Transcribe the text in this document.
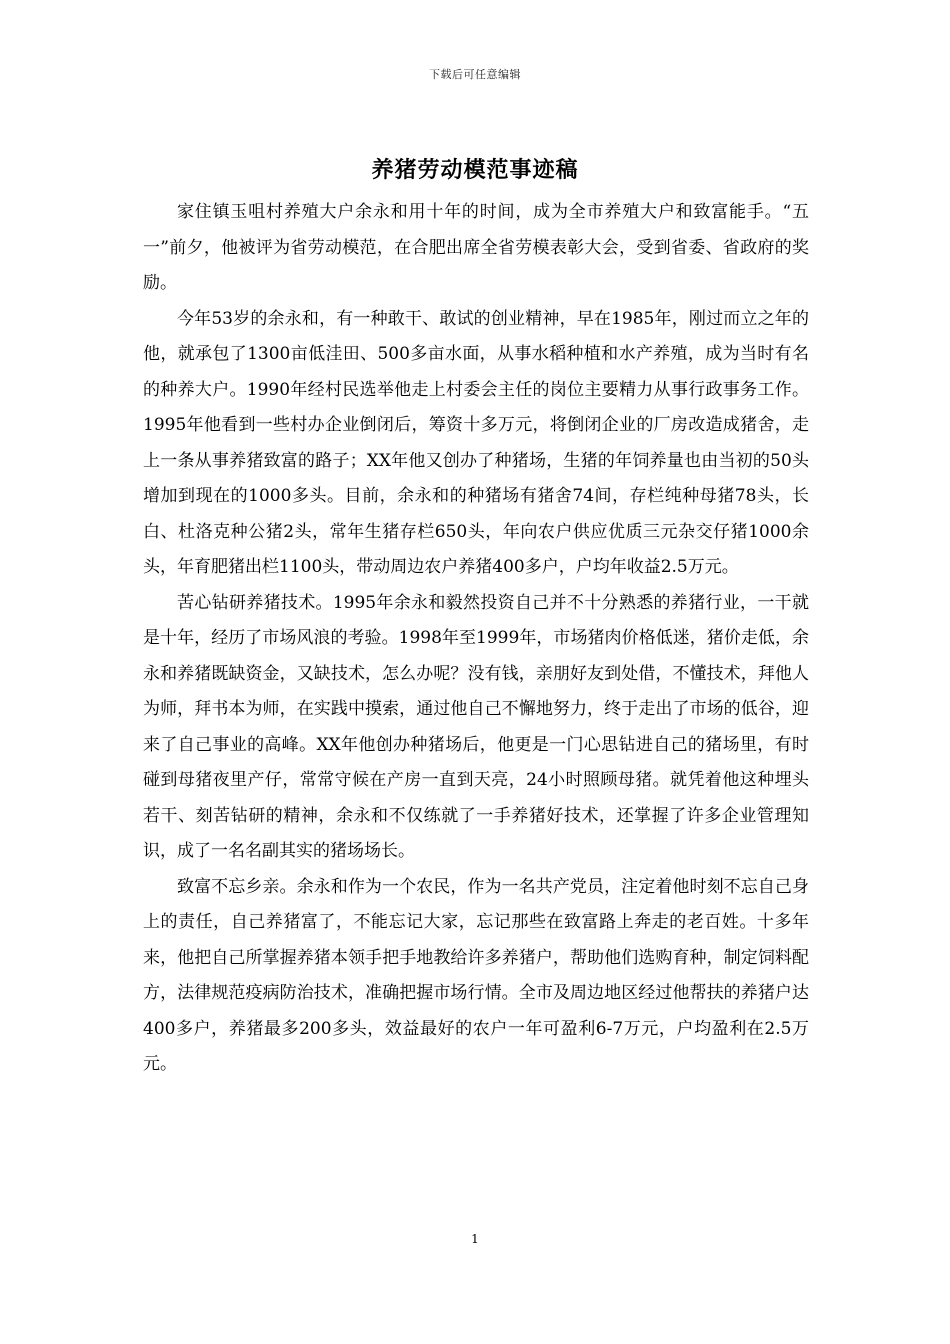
下载后可任意编辑
养猪劳动模范事迹稿

家住镇玉咀村养殖大户余永和用十年的时间，成为全市养殖大户和致富能手。“五一”前夕，他被评为省劳动模范，在合肥出席全省劳模表彰大会，受到省委、省政府的奖励。

今年53岁的余永和，有一种敢干、敢试的创业精神，早在1985年，刚过而立之年的他，就承包了1300亩低洼田、500多亩水面，从事水稻种植和水产养殖，成为当时有名的种养大户。1990年经村民选举他走上村委会主任的岗位主要精力从事行政事务工作。1995年他看到一些村办企业倒闭后，筹资十多万元，将倒闭企业的厂房改造成猪舍，走上一条从事养猪致富的路子；XX年他又创办了种猪场，生猪的年饲养量也由当初的50头增加到现在的1000多头。目前，余永和的种猪场有猪舍74间，存栏纯种母猪78头，长白、杜洛克种公猪2头，常年生猪存栏650头，年向农户供应优质三元杂交仔猪1000余头，年育肥猪出栏1100头，带动周边农户养猪400多户，户均年收益2.5万元。

苦心钻研养猪技术。1995年余永和毅然投资自己并不十分熟悉的养猪行业，一干就是十年，经历了市场风浪的考验。1998年至1999年，市场猪肉价格低迷，猪价走低，余永和养猪既缺资金，又缺技术，怎么办呢？没有钱，亲朋好友到处借，不懂技术，拜他人为师，拜书本为师，在实践中摸索，通过他自己不懈地努力，终于走出了市场的低谷，迎来了自己事业的高峰。XX年他创办种猪场后，他更是一门心思钻进自己的猪场里，有时碰到母猪夜里产仔，常常守候在产房一直到天亮，24小时照顾母猪。就凭着他这种埋头若干、刻苦钻研的精神，余永和不仅练就了一手养猪好技术，还掌握了许多企业管理知识，成了一名名副其实的猪场场长。

致富不忘乡亲。余永和作为一个农民，作为一名共产党员，注定着他时刻不忘自己身上的责任，自己养猪富了，不能忘记大家，忘记那些在致富路上奔走的老百姓。十多年来，他把自己所掌握养猪本领手把手地教给许多养猪户，帮助他们选购育种，制定饲料配方，法律规范疫病防治技术，准确把握市场行情。全市及周边地区经过他帮扶的养猪户达400多户，养猪最多200多头，效益最好的农户一年可盈利6-7万元，户均盈利在2.5万元。

1
